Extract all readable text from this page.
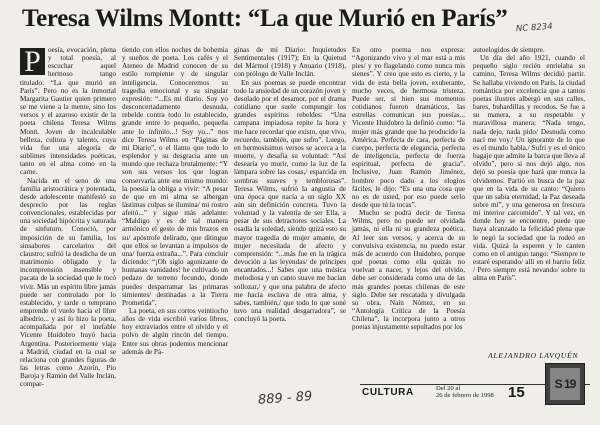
Teresa Wilms Montt: “La que Murió en París” NC 8234
P oesía, evocación, plena y total poesía, al escuchar aquel hermoso tango titulado: “La que murió en París”. Pero no es la inmortal Margarita Gautier quien primero se me viene a la mente, sino los versos y el azaroso existir de la poeta chilena Teresa Wilms Montt. Joven de incalculable belleza, cultura y talento, cuya vida fue una alegoría de sublimes intensidades poéticas, tanto en el alma como en la carne.

Nacida en el seno de una familia aristocrática y potentada, desde adolescente manifestó su desprecio por las reglas convencionales, establecidas por una sociedad hipócrita y saturada de sinfuturo. Conoció, por imposición de su familia, los sinsabores carcelarios del claustro; sufrió la desdicha de un matrimonio obligado y la incomprensión insensible y pacata de la sociedad que le tocó vivir. Más un espíritu libre jamás puede ser controlado por lo establecido, y tarde o temprano emprende el vuelo hacia el libre albedrío... y así lo hizo la poeta, acompañada por el inefable Vicente Huidobro huyó hacia Argentina. Posteriormente viaja a Madrid, ciudad en la cual se relaciona con grandes figuras de las letras como Azorín, Pío Baroja y Ramón del Valle Inclán, compar-

tiendo con ellos noches de bohemia y sueños de poeta. Los cafés y el Ateneo de Madrid conocen de su estilo rompiente y de singular inteligencia. Conoceremos su tragedia emocional y su singular expresión: “...Es mi diario. Soy yo desconcertadamente desnuda, rebelde contra todo lo establecido, grande entre lo pequeño, pequeña ante lo infinito...! Soy yo...” nos dice Teresa Wilms en “Páginas de mi Diario”, o el llanto que todo lo esplendor y su desgracia ante un mundo que rechaza brutalmente: “Y son sus versos los que logran conservarla ante ese mismo mundo: la poesía la obliga a vivir: “A pesar de que en mi alma se albergan lástimas culpas se ilumina/ mi rostro afeitó...” y sigue más adelante: “Maldigo y es de tal manera armónico el gesto de mis brazos en su/ apóstrofe delirado, que ditingue que ellos se levantan a impulsos de una/ fuerza extraña...”. Para concluir diciendo: “¡Oh siglo agonizante de humanas vanidades! he cultivado un pedazo de terreno fecundo, donde puedes desparramar las primaras simientes/ destinadas a la Tierra Prometida”.

La poeta, en sus cortos veintiocho años de vida escribió varios libros, hoy extraviados entre el olvido y el polvo de algún rincón del tiempo. Entre sus obras podemos mencionar además de Pá-

ginas de mi Diario: Inquietudes Sentimentales (1917); En la Quietud del Mármol (1918) y Anuario (1918), con prólogo de Valle Inclán.

En sus poemas se puede encontrar todo la ansiedad de un corazón joven y desolado por el desamor, por el drama cotidiano que suele compungir los grandes espíritus rebeldes: “Una campana impiadosa repite la hora y me hace recordar que existo, que vivo, recuerdo, también, que sufro”. Luego, en hermosísimos versos se acerca a la muerte, y desafía su voluntad: “Así desearía yo morir, como la luz de la lámpara sobre las cosas,/ esparcida en sombras suaves y temblorosas”. Teresa Wilms, sufrió la angustia de una época que nacía a un siglo XX aún sin definición concreta. Tuvo la voluntad y la valentía de ser Ella, a pesar de sus detractores sociales. La osadía la soledad, siendo quizá esto su mayor tragedia de mujer amante, de mujer necesitada de afecto y comprensión: “...más fue en la trágica devoción a las leyendas/ de príncipes encantados...! Sabes que una música melodiosa y un canto suave me hacían sollozar,/ y que una palabra de afecto me hacía esclava de otra alma, y sabes, también,/ que todo lo que soné tuvo una realidad desgarradora”, se concluyó la poeta.

En otro poema nos expresa: “Agonizando vivo y el mar está a mis pies/ y yo flagelando como nunca mis sienes”. Y creo que esto es cierto, y la vida de esta bella joven, exuberante, mucho veces, de hermosa tristeza. Puede ser, si bien sus momentos cotidianos fueron dramáticos, las estrellas comunican sus poesías... Vicente Huidobro la definió como: “la mujer más grande que ha producido la América. Perfecta de cara, perfecta de cuerpo, perfecta de elegancia, perfecta de inteligencia, perfecta de fuerza espiritual, perfecta de gracia”. Inclusive, Juan Ramón Jiménez, hombre poco dado a los elogios fáciles, le dijo: “Es una una cosa que no es de usted, por eso puede serlo desde que tú la tocas”.

Mucho se podrá decir de Teresa Wilms, pero no puede ser olvidada jamás, ni ella ni su grandeza poética. Al leer sus versos, y acerca de su convulsiva existencia, no puedo estar más de acuerdo con Huidobro, porque qué poetas como ella quizás no vuelvan a nacer, y lejos del olvido, debe ser considerada como una de las más grandes poetas chilenas de este siglo. Debe ser rescatada y divulgada su obra. Naín Nómez, en su “Antología Crítica de la Poesía Chilena”, la incorpora junto a otros poetas injustamente sepultados por los

autoelogidos de siempre.

Un día del año 1921, cuando el pequeño siglo recién enrielaba su camino, Teresa Wilms decidió partir. Se hallaba viviendo en París, la ciudad romántica por excelencia que a tantos poetas ilustres albergó en sus calles, bares, buhardillas y recodos. Se fue a su manera, a su respetable y maravillosa manera: “Nada tengo, nada dejo, nada pido/ Desnuda como nací me voy./ Un ignorante de lo que es el mundo habla./ Sufrí y es el único bagaje que admite la barca que lleva al olvido”, pero si nos dejó algo, nos dejó su poesía que hará que nunca la olvidemos. Partió en busca de la paz que en la vida de su canto: “Quiero que un sabia eternidad, la Paz deseada sobre mí”, y una generosa en frescura mi interior carcomido”. Y tal vez, en donde hoy se encuentre, puede que haya alcanzado la felicidad plena que le negó la sociedad que la rodeó en vida. Quizá la esperen y le canten como en el antiguo tango: “Siempre te estaré esperando/ allí en el barrio feliz / Pero siempre está nevando/ sobre tu alma en París”.

ALEJANDRO LAVQUÉN
889 - 89	CULTURA	Del 20 al
26 de febrero de 1998 15	S 19
